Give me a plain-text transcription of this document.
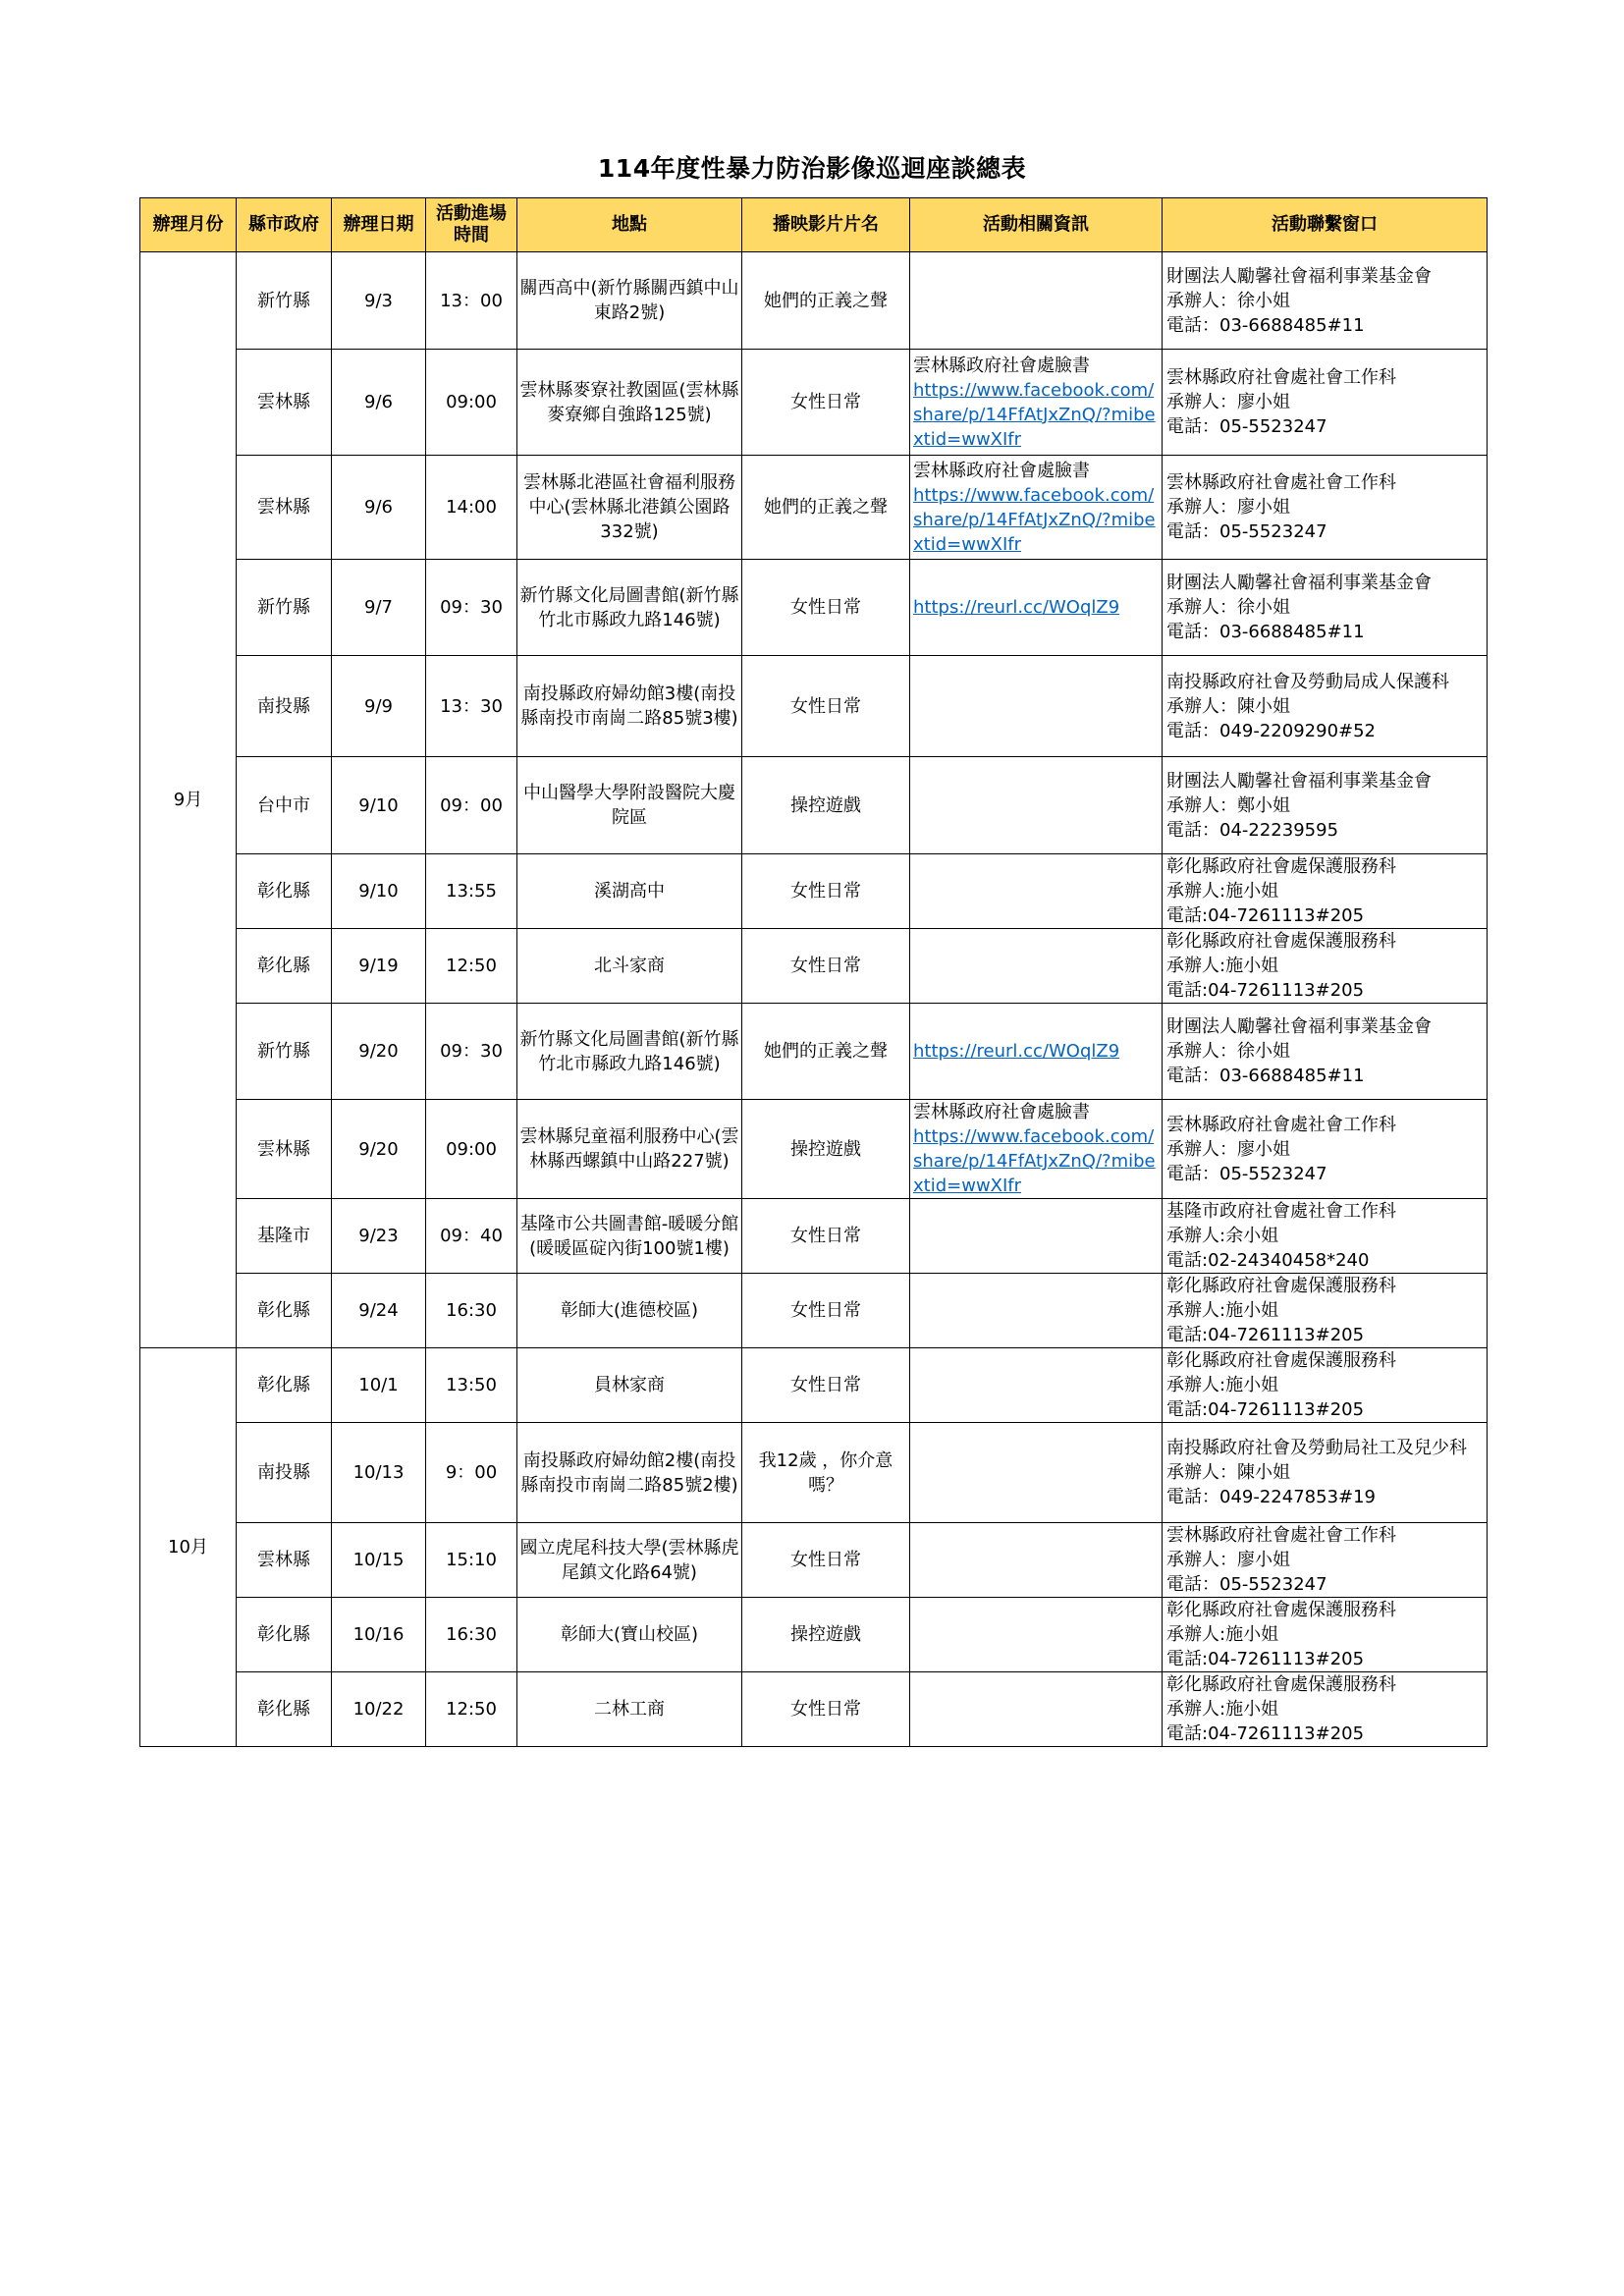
114年度性暴力防治影像巡迴座談總表
辦理月份	縣市政府	辦理日期	活動進場時間	地點	播映影片片名	活動相關資訊	活動聯繫窗口
9月	新竹縣	9/3	13：00	關西高中(新竹縣關西鎮中山東路2號)	她們的正義之聲		財團法人勵馨社會福利事業基金會
承辦人：徐小姐
電話：03-6688485#11

	雲林縣	9/6	09:00	雲林縣麥寮社教園區(雲林縣麥寮鄉自強路125號)	女性日常	雲林縣政府社會處臉書
https://www.facebook.com/share/p/14FfAtJxZnQ/?mibextid=wwXIfr	雲林縣政府社會處社會工作科
承辦人：廖小姐
電話：05-5523247

	雲林縣	9/6	14:00	雲林縣北港區社會福利服務中心(雲林縣北港鎮公園路332號)	她們的正義之聲	雲林縣政府社會處臉書
https://www.facebook.com/share/p/14FfAtJxZnQ/?mibextid=wwXIfr	雲林縣政府社會處社會工作科
承辦人：廖小姐
電話：05-5523247

	新竹縣	9/7	09：30	新竹縣文化局圖書館(新竹縣竹北市縣政九路146號)	女性日常	https://reurl.cc/WOqlZ9	財團法人勵馨社會福利事業基金會
承辦人：徐小姐
電話：03-6688485#11

	南投縣	9/9	13：30	南投縣政府婦幼館3樓(南投縣南投市南崗二路85號3樓)	女性日常		南投縣政府社會及勞動局成人保護科
承辦人：陳小姐
電話：049-2209290#52

	台中市	9/10	09：00	中山醫學大學附設醫院大慶院區	操控遊戲		財團法人勵馨社會福利事業基金會
承辦人：鄭小姐
電話：04-22239595

	彰化縣	9/10	13:55	溪湖高中	女性日常		彰化縣政府社會處保護服務科
承辦人:施小姐
電話:04-7261113#205

	彰化縣	9/19	12:50	北斗家商	女性日常		彰化縣政府社會處保護服務科
承辦人:施小姐
電話:04-7261113#205

	新竹縣	9/20	09：30	新竹縣文化局圖書館(新竹縣竹北市縣政九路146號)	她們的正義之聲	https://reurl.cc/WOqlZ9	財團法人勵馨社會福利事業基金會
承辦人：徐小姐
電話：03-6688485#11

	雲林縣	9/20	09:00	雲林縣兒童福利服務中心(雲林縣西螺鎮中山路227號)	操控遊戲	雲林縣政府社會處臉書
https://www.facebook.com/share/p/14FfAtJxZnQ/?mibextid=wwXIfr	雲林縣政府社會處社會工作科
承辦人：廖小姐
電話：05-5523247

	基隆市	9/23	09：40	基隆市公共圖書館-暖暖分館(暖暖區碇內街100號1樓)	女性日常		基隆市政府社會處社會工作科
承辦人:余小姐
電話:02-24340458*240

	彰化縣	9/24	16:30	彰師大(進德校區)	女性日常		彰化縣政府社會處保護服務科
承辦人:施小姐
電話:04-7261113#205

10月	彰化縣	10/1	13:50	員林家商	女性日常		彰化縣政府社會處保護服務科
承辦人:施小姐
電話:04-7261113#205

	南投縣	10/13	9：00	南投縣政府婦幼館2樓(南投縣南投市南崗二路85號2樓)	我12歲 ，你介意嗎？		南投縣政府社會及勞動局社工及兒少科
承辦人：陳小姐
電話：049-2247853#19

	雲林縣	10/15	15:10	國立虎尾科技大學(雲林縣虎尾鎮文化路64號)	女性日常		雲林縣政府社會處社會工作科
承辦人：廖小姐
電話：05-5523247

	彰化縣	10/16	16:30	彰師大(寶山校區)	操控遊戲		彰化縣政府社會處保護服務科
承辦人:施小姐
電話:04-7261113#205

	彰化縣	10/22	12:50	二林工商	女性日常		彰化縣政府社會處保護服務科
承辦人:施小姐
電話:04-7261113#205
